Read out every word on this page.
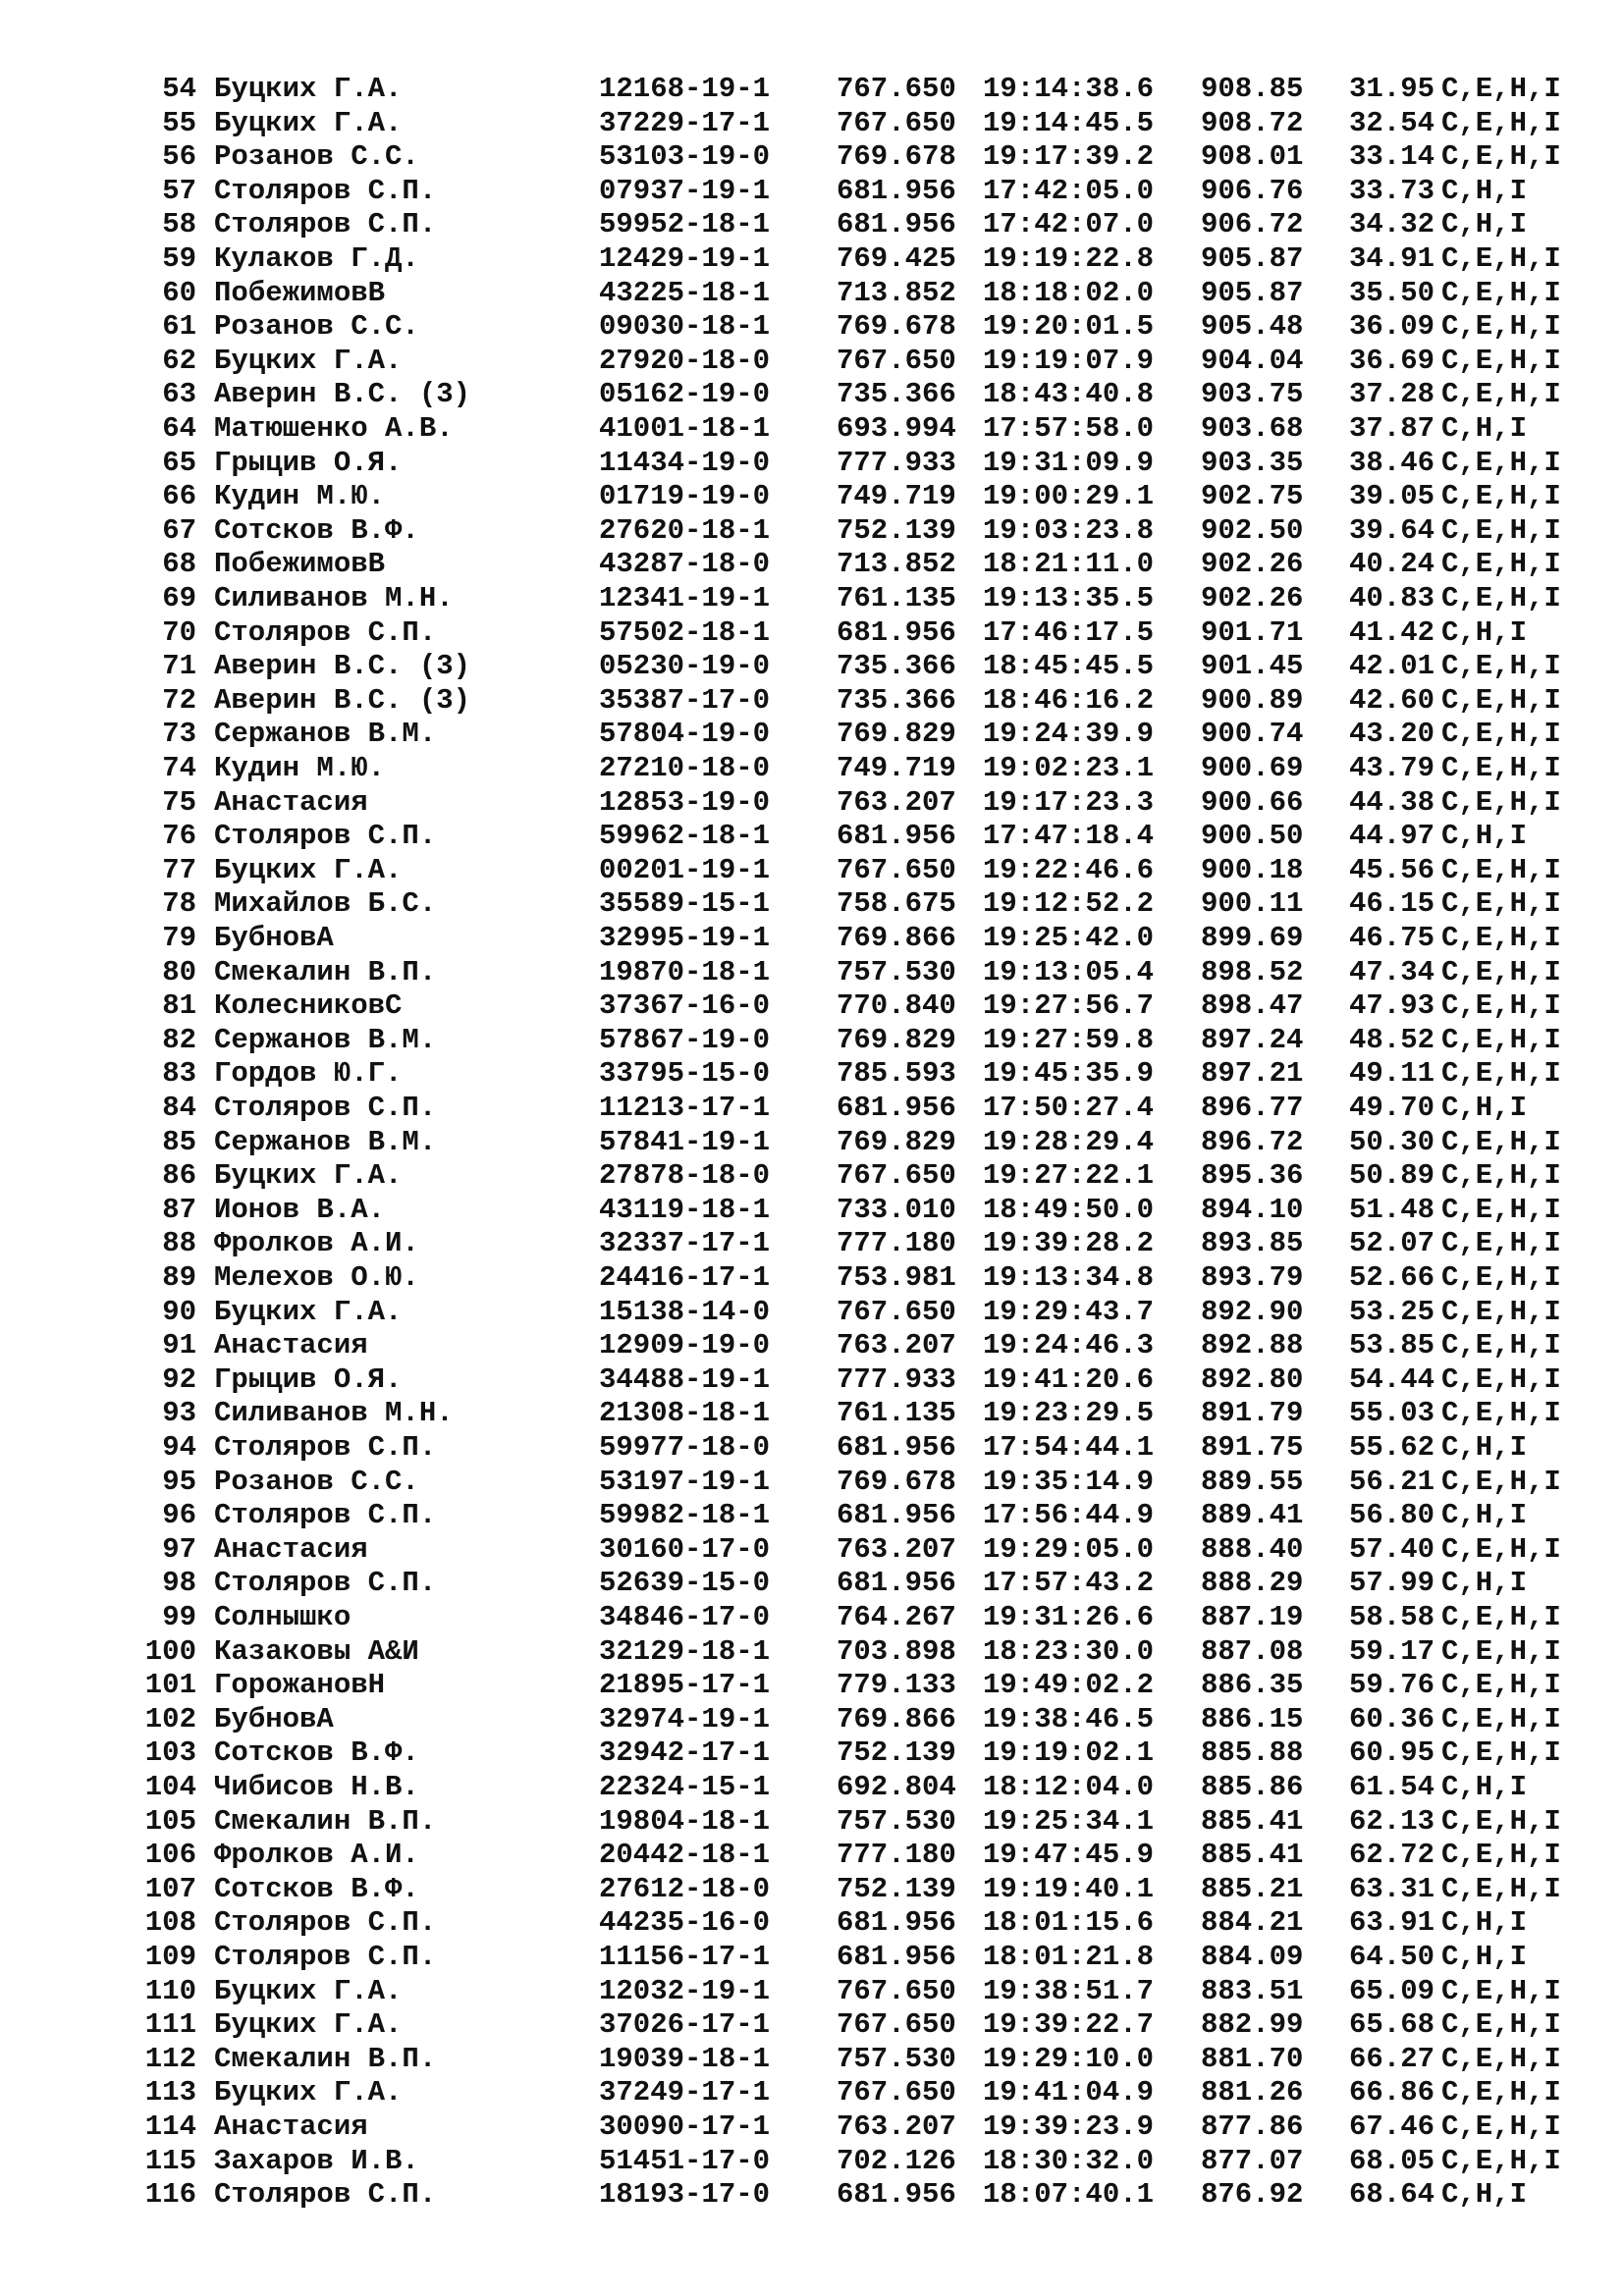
54 Буцких Г.А.	12168-19-1 767.650 19:14:38.6 908.85 31.95 C,E,H,I
55 Буцких Г.А.	37229-17-1 767.650 19:14:45.5 908.72 32.54 C,E,H,I
56 Розанов С.С.	53103-19-0 769.678 19:17:39.2 908.01 33.14 C,E,H,I
57 Столяров С.П.	07937-19-1 681.956 17:42:05.0 906.76 33.73 C,H,I
58 Столяров С.П.	59952-18-1 681.956 17:42:07.0 906.72 34.32 C,H,I
59 Кулаков Г.Д.	12429-19-1 769.425 19:19:22.8 905.87 34.91 C,E,H,I
60 ПобежимовВ	43225-18-1 713.852 18:18:02.0 905.87 35.50 C,E,H,I
61 Розанов С.С.	09030-18-1 769.678 19:20:01.5 905.48 36.09 C,E,H,I
62 Буцких Г.А.	27920-18-0 767.650 19:19:07.9 904.04 36.69 C,E,H,I
63 Аверин В.С. (3)	05162-19-0 735.366 18:43:40.8 903.75 37.28 C,E,H,I
64 Матюшенко А.В.	41001-18-1 693.994 17:57:58.0 903.68 37.87 C,H,I
65 Грыцив О.Я.	11434-19-0 777.933 19:31:09.9 903.35 38.46 C,E,H,I
66 Кудин М.Ю.	01719-19-0 749.719 19:00:29.1 902.75 39.05 C,E,H,I
67 Сотсков В.Ф.	27620-18-1 752.139 19:03:23.8 902.50 39.64 C,E,H,I
68 ПобежимовВ	43287-18-0 713.852 18:21:11.0 902.26 40.24 C,E,H,I
69 Силиванов М.Н.	12341-19-1 761.135 19:13:35.5 902.26 40.83 C,E,H,I
70 Столяров С.П.	57502-18-1 681.956 17:46:17.5 901.71 41.42 C,H,I
71 Аверин В.С. (3)	05230-19-0 735.366 18:45:45.5 901.45 42.01 C,E,H,I
72 Аверин В.С. (3)	35387-17-0 735.366 18:46:16.2 900.89 42.60 C,E,H,I
73 Сержанов В.М.	57804-19-0 769.829 19:24:39.9 900.74 43.20 C,E,H,I
74 Кудин М.Ю.	27210-18-0 749.719 19:02:23.1 900.69 43.79 C,E,H,I
75 Анастасия	12853-19-0 763.207 19:17:23.3 900.66 44.38 C,E,H,I
76 Столяров С.П.	59962-18-1 681.956 17:47:18.4 900.50 44.97 C,H,I
77 Буцких Г.А.	00201-19-1 767.650 19:22:46.6 900.18 45.56 C,E,H,I
78 Михайлов Б.С.	35589-15-1 758.675 19:12:52.2 900.11 46.15 C,E,H,I
79 БубновА	32995-19-1 769.866 19:25:42.0 899.69 46.75 C,E,H,I
80 Смекалин В.П.	19870-18-1 757.530 19:13:05.4 898.52 47.34 C,E,H,I
81 КолесниковС	37367-16-0 770.840 19:27:56.7 898.47 47.93 C,E,H,I
82 Сержанов В.М.	57867-19-0 769.829 19:27:59.8 897.24 48.52 C,E,H,I
83 Гордов Ю.Г.	33795-15-0 785.593 19:45:35.9 897.21 49.11 C,E,H,I
84 Столяров С.П.	11213-17-1 681.956 17:50:27.4 896.77 49.70 C,H,I
85 Сержанов В.М.	57841-19-1 769.829 19:28:29.4 896.72 50.30 C,E,H,I
86 Буцких Г.А.	27878-18-0 767.650 19:27:22.1 895.36 50.89 C,E,H,I
87 Ионов В.А.	43119-18-1 733.010 18:49:50.0 894.10 51.48 C,E,H,I
88 Фролков А.И.	32337-17-1 777.180 19:39:28.2 893.85 52.07 C,E,H,I
89 Мелехов О.Ю.	24416-17-1 753.981 19:13:34.8 893.79 52.66 C,E,H,I
90 Буцких Г.А.	15138-14-0 767.650 19:29:43.7 892.90 53.25 C,E,H,I
91 Анастасия	12909-19-0 763.207 19:24:46.3 892.88 53.85 C,E,H,I
92 Грыцив О.Я.	34488-19-1 777.933 19:41:20.6 892.80 54.44 C,E,H,I
93 Силиванов М.Н.	21308-18-1 761.135 19:23:29.5 891.79 55.03 C,E,H,I
94 Столяров С.П.	59977-18-0 681.956 17:54:44.1 891.75 55.62 C,H,I
95 Розанов С.С.	53197-19-1 769.678 19:35:14.9 889.55 56.21 C,E,H,I
96 Столяров С.П.	59982-18-1 681.956 17:56:44.9 889.41 56.80 C,H,I
97 Анастасия	30160-17-0 763.207 19:29:05.0 888.40 57.40 C,E,H,I
98 Столяров С.П.	52639-15-0 681.956 17:57:43.2 888.29 57.99 C,H,I
99 Солнышко	34846-17-0 764.267 19:31:26.6 887.19 58.58 C,E,H,I
100 Казаковы А&И	32129-18-1 703.898 18:23:30.0 887.08 59.17 C,E,H,I
101 ГорожановН	21895-17-1 779.133 19:49:02.2 886.35 59.76 C,E,H,I
102 БубновА	32974-19-1 769.866 19:38:46.5 886.15 60.36 C,E,H,I
103 Сотсков В.Ф.	32942-17-1 752.139 19:19:02.1 885.88 60.95 C,E,H,I
104 Чибисов Н.В.	22324-15-1 692.804 18:12:04.0 885.86 61.54 C,H,I
105 Смекалин В.П.	19804-18-1 757.530 19:25:34.1 885.41 62.13 C,E,H,I
106 Фролков А.И.	20442-18-1 777.180 19:47:45.9 885.41 62.72 C,E,H,I
107 Сотсков В.Ф.	27612-18-0 752.139 19:19:40.1 885.21 63.31 C,E,H,I
108 Столяров С.П.	44235-16-0 681.956 18:01:15.6 884.21 63.91 C,H,I
109 Столяров С.П.	11156-17-1 681.956 18:01:21.8 884.09 64.50 C,H,I
110 Буцких Г.А.	12032-19-1 767.650 19:38:51.7 883.51 65.09 C,E,H,I
111 Буцких Г.А.	37026-17-1 767.650 19:39:22.7 882.99 65.68 C,E,H,I
112 Смекалин В.П.	19039-18-1 757.530 19:29:10.0 881.70 66.27 C,E,H,I
113 Буцких Г.А.	37249-17-1 767.650 19:41:04.9 881.26 66.86 C,E,H,I
114 Анастасия	30090-17-1 763.207 19:39:23.9 877.86 67.46 C,E,H,I
115 Захаров И.В.	51451-17-0 702.126 18:30:32.0 877.07 68.05 C,E,H,I
116 Столяров С.П.	18193-17-0 681.956 18:07:40.1 876.92 68.64 C,H,I
